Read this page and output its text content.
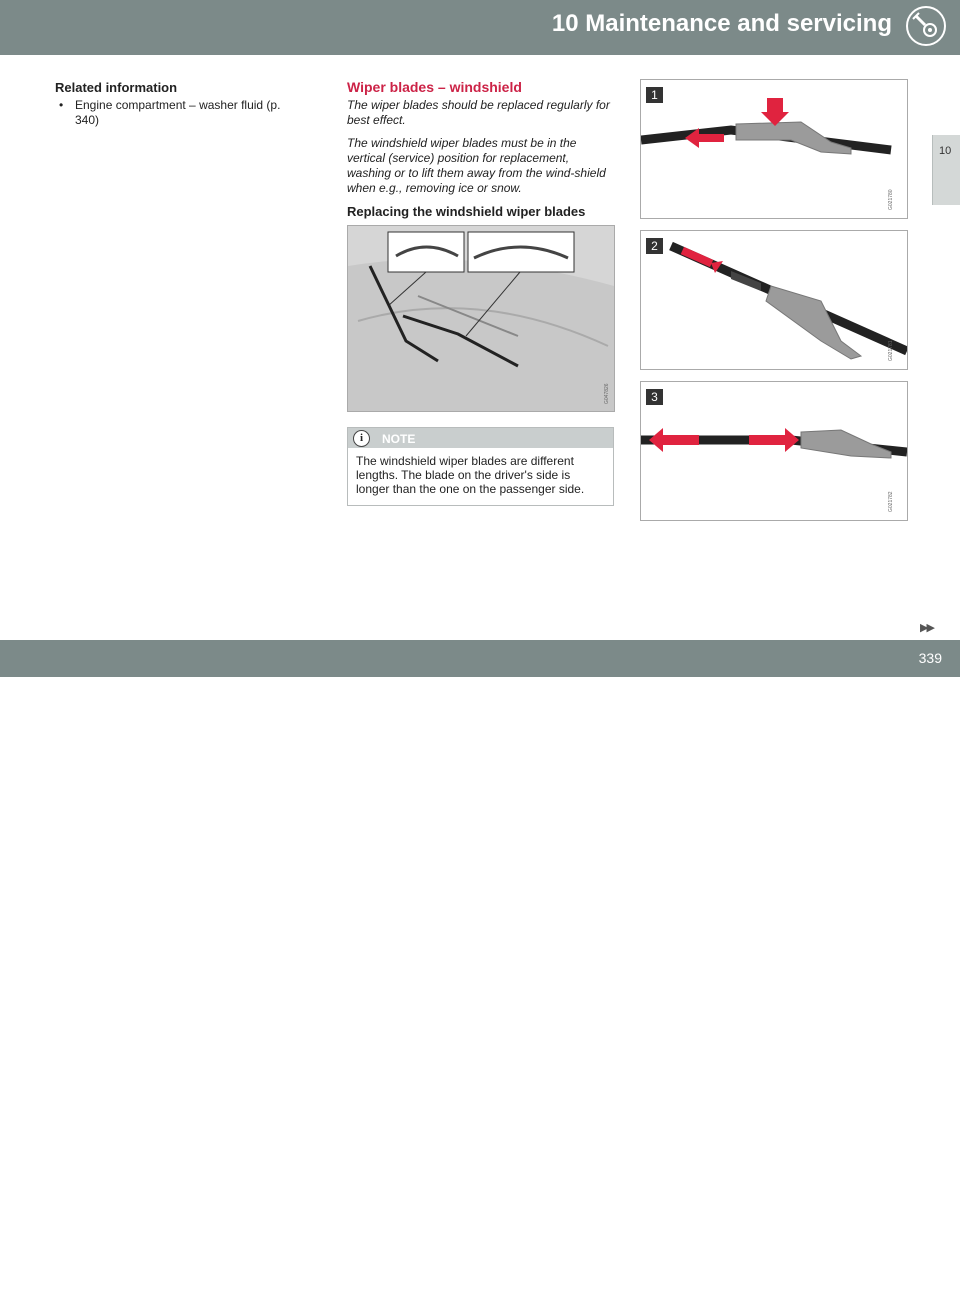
10 Maintenance and servicing
10
Related information
• Engine compartment – washer fluid (p. 340)
Wiper blades – windshield

The wiper blades should be replaced regularly for best effect.

The windshield wiper blades must be in the vertical (service) position for replacement, washing or to lift them away from the wind-shield when e.g., removing ice or snow.

Replacing the windshield wiper blades
G047826
i	NOTE
The windshield wiper blades are different lengths. The blade on the driver's side is longer than the one on the passenger side.
1
G021780
2
G021781
3
G021782
▶▶
carmanualsonline.info
339
